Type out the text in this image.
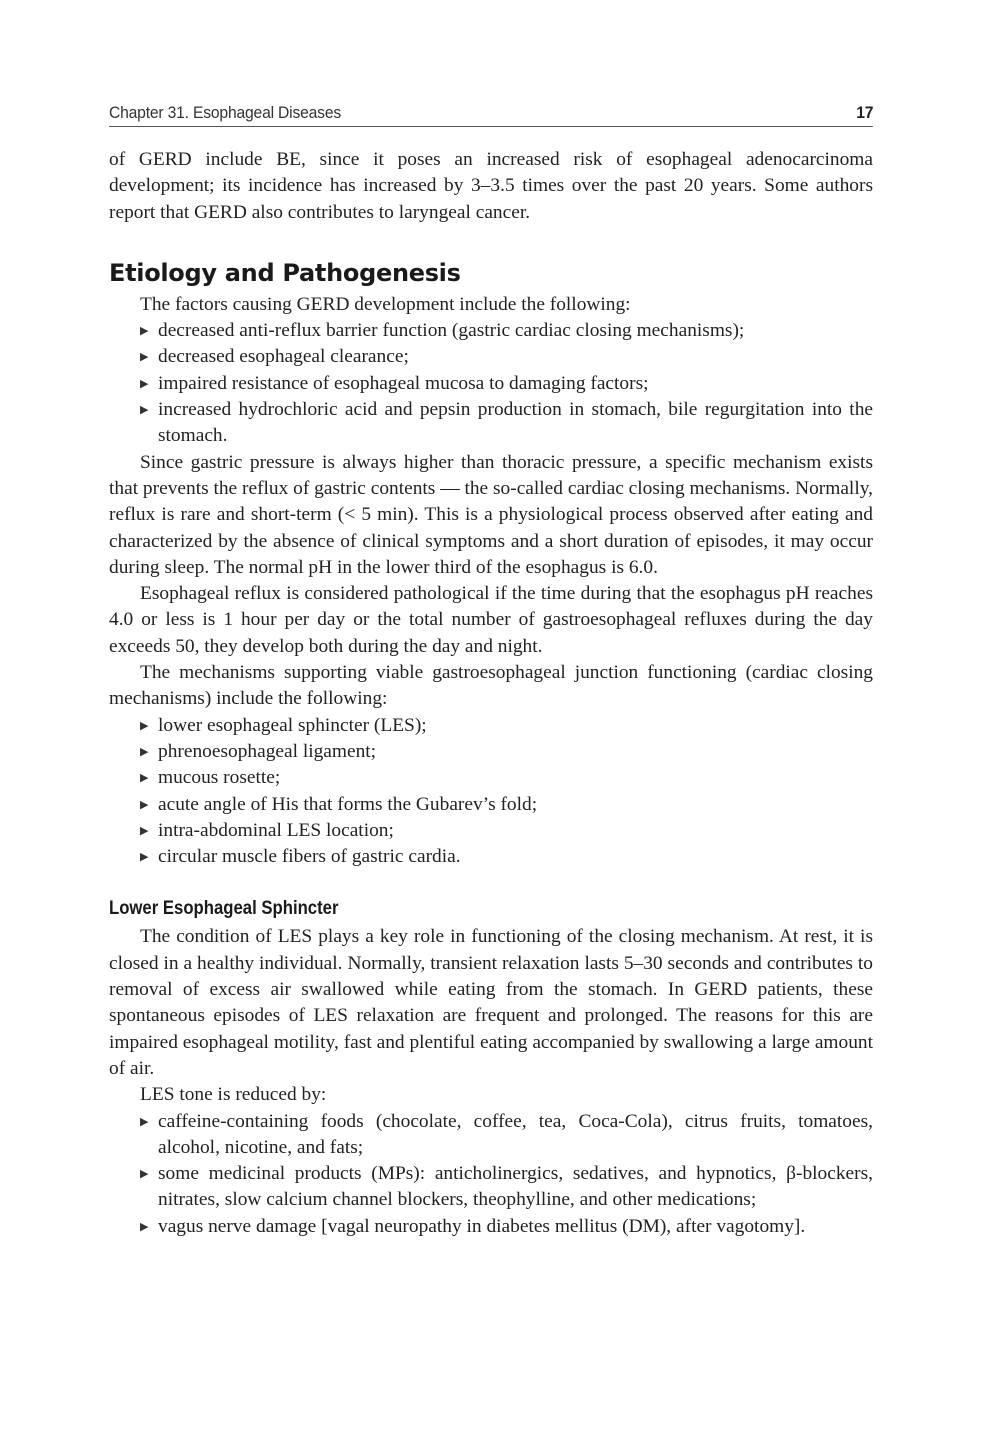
Chapter 31. Esophageal Diseases	17

of GERD include BE, since it poses an increased risk of esophageal adenocarcinoma development; its incidence has increased by 3–3.5 times over the past 20 years. Some authors report that GERD also contributes to laryngeal cancer.

Etiology and Pathogenesis

The factors causing GERD development include the following:

▶ decreased anti-reflux barrier function (gastric cardiac closing mechanisms);
▶ decreased esophageal clearance;
▶ impaired resistance of esophageal mucosa to damaging factors;
▶ increased hydrochloric acid and pepsin production in stomach, bile regurgitation into the stomach.

Since gastric pressure is always higher than thoracic pressure, a specific mechanism exists that prevents the reflux of gastric contents — the so-called cardiac closing mechanisms. Normally, reflux is rare and short-term (< 5 min). This is a physiological process observed after eating and characterized by the absence of clinical symptoms and a short duration of episodes, it may occur during sleep. The normal pH in the lower third of the esophagus is 6.0.

Esophageal reflux is considered pathological if the time during that the esophagus pH reaches 4.0 or less is 1 hour per day or the total number of gastroesophageal refluxes during the day exceeds 50, they develop both during the day and night.

The mechanisms supporting viable gastroesophageal junction functioning (cardiac closing mechanisms) include the following:

▶ lower esophageal sphincter (LES);
▶ phrenoesophageal ligament;
▶ mucous rosette;
▶ acute angle of His that forms the Gubarev’s fold;
▶ intra-abdominal LES location;
▶ circular muscle fibers of gastric cardia.
Lower Esophageal Sphincter

The condition of LES plays a key role in functioning of the closing mechanism. At rest, it is closed in a healthy individual. Normally, transient relaxation lasts 5–30 seconds and contributes to removal of excess air swallowed while eating from the stomach. In GERD patients, these spontaneous episodes of LES relaxation are frequent and prolonged. The reasons for this are impaired esophageal motility, fast and plentiful eating accompanied by swallowing a large amount of air.

LES tone is reduced by:

▶ caffeine-containing foods (chocolate, coffee, tea, Coca-Cola), citrus fruits, tomatoes, alcohol, nicotine, and fats;
▶ some medicinal products (MPs): anticholinergics, sedatives, and hypnotics, β-blockers, nitrates, slow calcium channel blockers, theophylline, and other medications;
▶ vagus nerve damage [vagal neuropathy in diabetes mellitus (DM), after vagotomy].
